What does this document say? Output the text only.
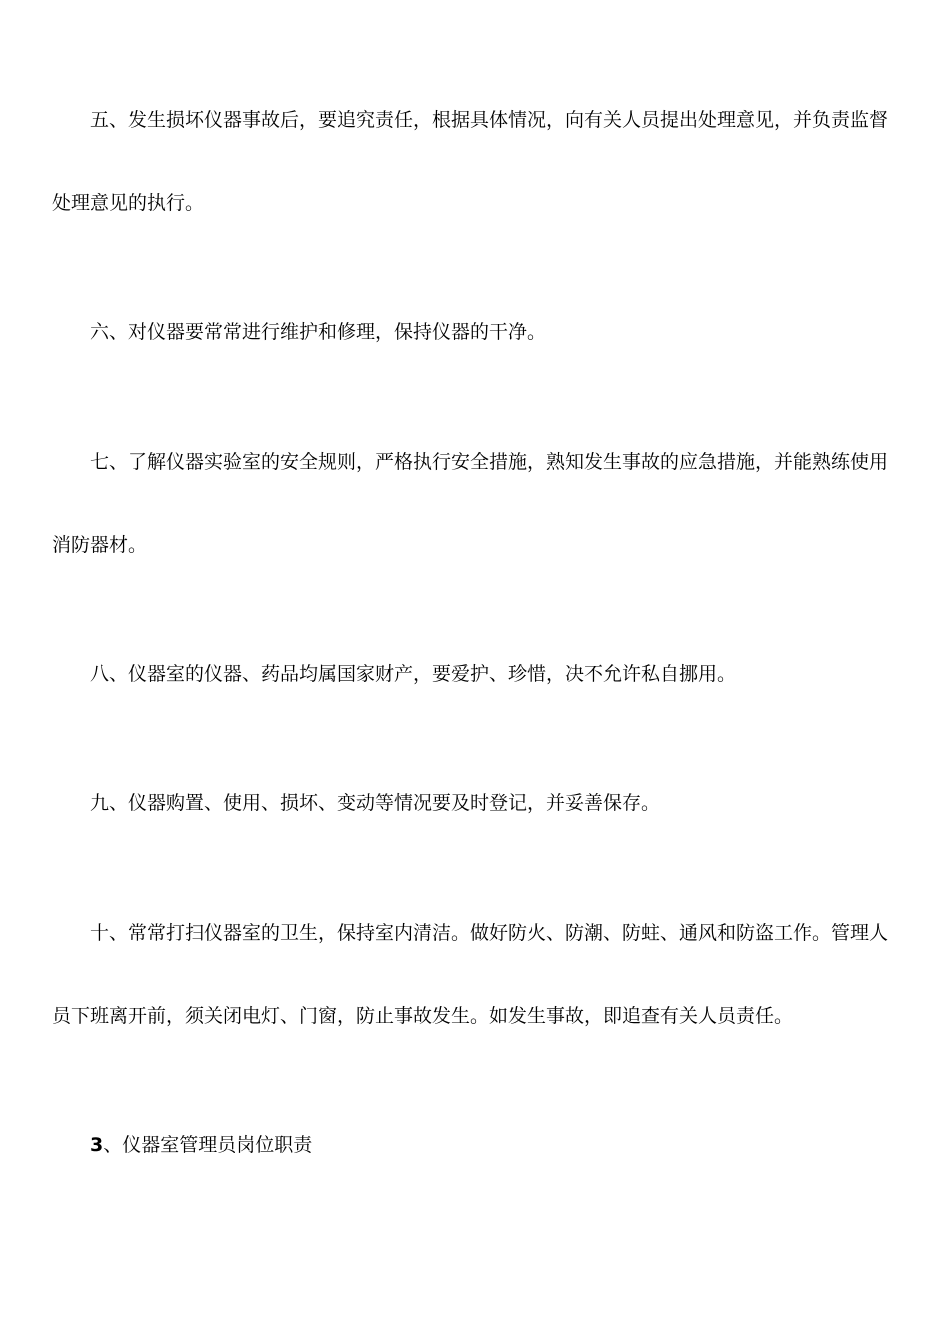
五、发生损坏仪器事故后，要追究责任，根据具体情况，向有关人员提出处理意见，并负责监督

处理意见的执行。

六、对仪器要常常进行维护和修理，保持仪器的干净。

七、了解仪器实验室的安全规则，严格执行安全措施，熟知发生事故的应急措施，并能熟练使用

消防器材。

八、仪器室的仪器、药品均属国家财产，要爱护、珍惜，决不允许私自挪用。

九、仪器购置、使用、损坏、变动等情况要及时登记，并妥善保存。

十、常常打扫仪器室的卫生，保持室内清洁。做好防火、防潮、防蛀、通风和防盗工作。管理人

员下班离开前，须关闭电灯、门窗，防止事故发生。如发生事故，即追查有关人员责任。

3、仪器室管理员岗位职责
